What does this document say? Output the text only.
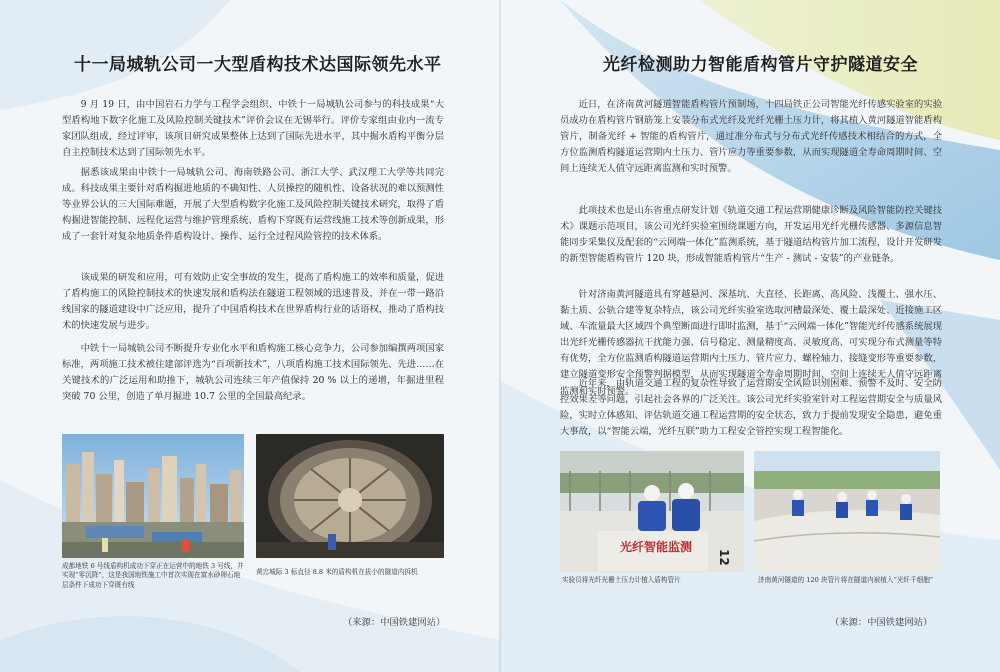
十一局城轨公司一大型盾构技术达国际领先水平

9 月 19 日，由中国岩石力学与工程学会组织、中铁十一局城轨公司参与的科技成果“大型盾构地下数字化施工及风险控制关键技术”评价会议在无锡举行。评价专家组由业内一流专家团队组成，经过评审，该项目研究成果整体上达到了国际先进水平，其中掘水盾构平衡分层自主控制技术达到了国际领先水平。

据悉该成果由中铁十一局城轨公司、海南铁路公司、浙江大学、武汉理工大学等共同完成。科技成果主要针对盾构掘进地质的不确知性、人员操控的随机性、设备状况的难以预测性等业界公认的三大国际难题，开展了大型盾构数字化施工及风险控制关键技术研究，取得了盾构掘进智能控制、远程化运营与维护管理系统、盾构下穿既有运营线施工技术等创新成果，形成了一套针对复杂地质条件盾构设计、操作、运行全过程风险管控的技术体系。

该成果的研发和应用，可有效防止安全事故的发生，提高了盾构施工的效率和质量，促进了盾构施工的风险控制技术的快速发展和盾构法在隧道工程领域的迅速普及，并在一带一路沿线国家的隧道建设中广泛应用，提升了中国盾构技术在世界盾构行业的话语权，推动了盾构技术的快速发展与进步。

中铁十一局城轨公司不断提升专业化水平和盾构施工核心竞争力，公司参加编撰两项国家标准，两项施工技术被住建部评选为“百项新技术”，八项盾构施工技术国际领先、先进……在关键技术的广泛运用和助推下，城轨公司连续三年产值保持 20 % 以上的递增，年掘进里程突破 70 公里，创造了单月掘进 10.7 公里的全国最高纪录。

成都地铁 6 号线盾构机成功下穿正在运营中的地铁 3 号线，并实现“零沉降”，这是我国地铁施工中首次实现在富水砂卵石地层条件下成功下穿既有线

黄忠城际 3 标直径 8.8 米的盾构机在拔小的隧道内拆机

（来源：中国铁建网站）
光纤检测助力智能盾构管片守护隧道安全

近日，在济南黄河隧道智能盾构管片预制场，十四局铁正公司智能光纤传感实验室的实验员成功在盾构管片钢筋笼上安装分布式光纤及光纤光栅土压力计，将其植入黄河隧道智能盾构管片，制备光纤 + 智能的盾构管片，通过准分布式与分布式光纤传感技术相结合的方式，全方位监测盾构隧道运营期内土压力、管片应力等重要参数，从而实现隧道全寿命周期时间、空间上连续无人值守远距离监测和实时预警。

此项技术也是山东省重点研发计划《轨道交通工程运营期健康诊断及风险智能防控关键技术》课题示范项目，该公司光纤实验室围绕课题方向，开发运用光纤光栅传感器、多源信息智能同步采集仪及配套的“云网端一体化”监测系统，基于隧道结构管片加工流程，设计开发研发的新型智能盾构管片 120 块，形成智能盾构管片“生产 - 测试 - 安装”的产业链条。

针对济南黄河隧道具有穿越悬河、深基坑、大直径、长距离、高风险、浅覆土、强水压、黏土质、公轨合建等复杂特点，该公司光纤实验室选取河槽最深处、覆土最深处、近接施工区域、车流量最大区域四个典型断面进行即时监测，基于“云网端一体化”智能光纤传感系统展现出光纤光栅传感器抗干扰能力强、信号稳定、测量精度高、灵敏度高、可实现分布式测量等特有优势，全方位监测盾构隧道运营期内土压力、管片应力、螺栓轴力、接缝变形等重要参数，建立隧道变形安全预警判据模型，从而实现隧道全寿命周期时间、空间上连续无人值守远距离监测和实时预警。

近年来，由轨道交通工程的复杂性导致了运营期安全风险识别困难、预警不及时、安全防控效果差等问题，引起社会各界的广泛关注。该公司光纤实验室针对工程运营期安全与质量风险，实时立体感知、评估轨道交通工程运营期的安全状态，致力于提前发现安全隐患，避免重大事故，以“智能云端，光纤互联”助力工程安全管控实现工程智能化。

光纤智能监测
12

实验员将光纤光栅土压力计植入盾构管片	济南黄河隧道的 120 块管片将在隧道内被植入“光纤千细胞”

（来源：中国铁建网站）
